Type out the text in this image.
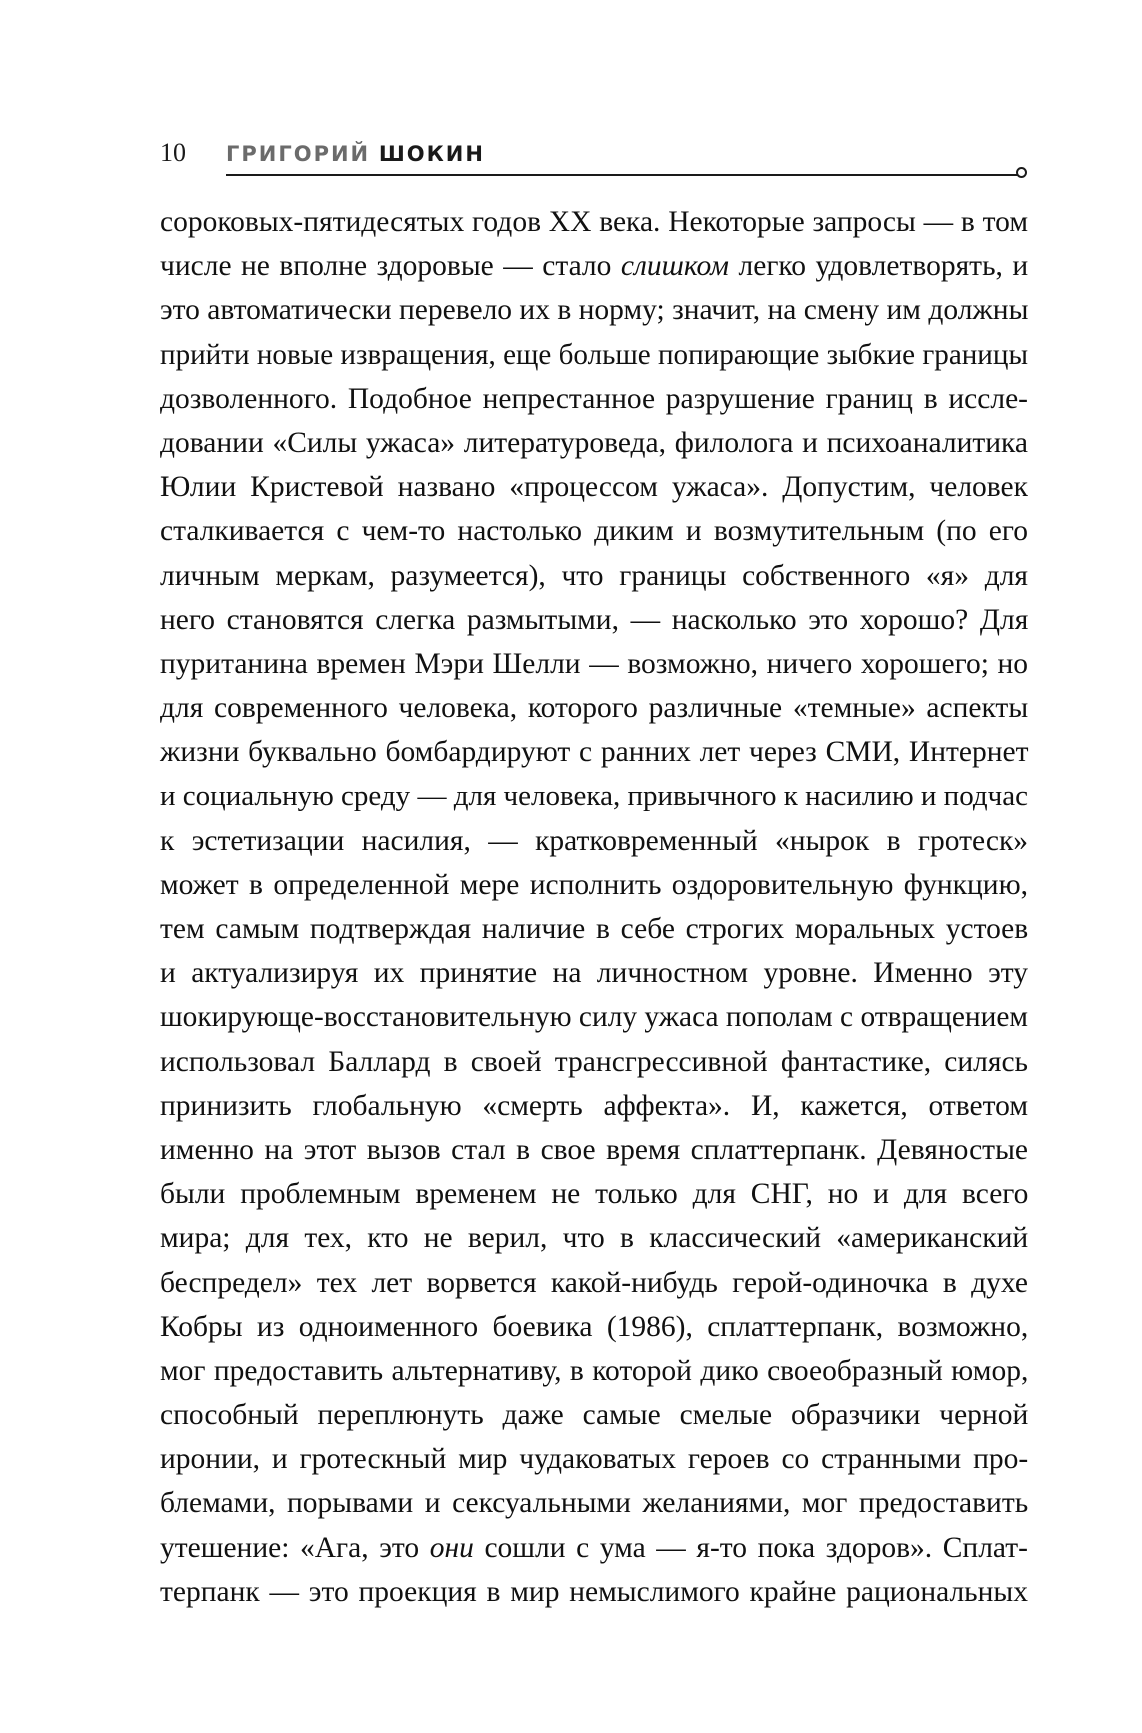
10 ГРИГОРИЙ ШОКИН
сороковых-пятидесятых годов XX века. Некоторые запросы — в том
числе не вполне здоровые — стало слишком легко удовлетворять, и
это автоматически перевело их в норму; значит, на смену им должны
прийти новые извращения, еще больше попирающие зыбкие границы
дозволенного. Подобное непрестанное разрушение границ в иссле-
довании «Силы ужаса» литературоведа, филолога и психоаналитика
Юлии Кристевой названо «процессом ужаса». Допустим, человек
сталкивается с чем-то настолько диким и возмутительным (по его
личным меркам, разумеется), что границы собственного «я» для
него становятся слегка размытыми, — насколько это хорошо? Для
пуританина времен Мэри Шелли — возможно, ничего хорошего; но
для современного человека, которого различные «темные» аспекты
жизни буквально бомбардируют с ранних лет через СМИ, Интернет
и социальную среду — для человека, привычного к насилию и подчас
к эстетизации насилия, — кратковременный «нырок в гротеск»
может в определенной мере исполнить оздоровительную функцию,
тем самым подтверждая наличие в себе строгих моральных устоев
и актуализируя их принятие на личностном уровне. Именно эту
шокирующе-восстановительную силу ужаса пополам с отвращением
использовал Баллард в своей трансгрессивной фантастике, силясь
принизить глобальную «смерть аффекта». И, кажется, ответом
именно на этот вызов стал в свое время сплаттерпанк. Девяностые
были проблемным временем не только для СНГ, но и для всего
мира; для тех, кто не верил, что в классический «американский
беспредел» тех лет ворвется какой-нибудь герой-одиночка в духе
Кобры из одноименного боевика (1986), сплаттерпанк, возможно,
мог предоставить альтернативу, в которой дико своеобразный юмор,
способный переплюнуть даже самые смелые образчики черной
иронии, и гротескный мир чудаковатых героев со странными про-
блемами, порывами и сексуальными желаниями, мог предоставить
утешение: «Ага, это они сошли с ума — я-то пока здоров». Сплат-
терпанк — это проекция в мир немыслимого крайне рациональных
